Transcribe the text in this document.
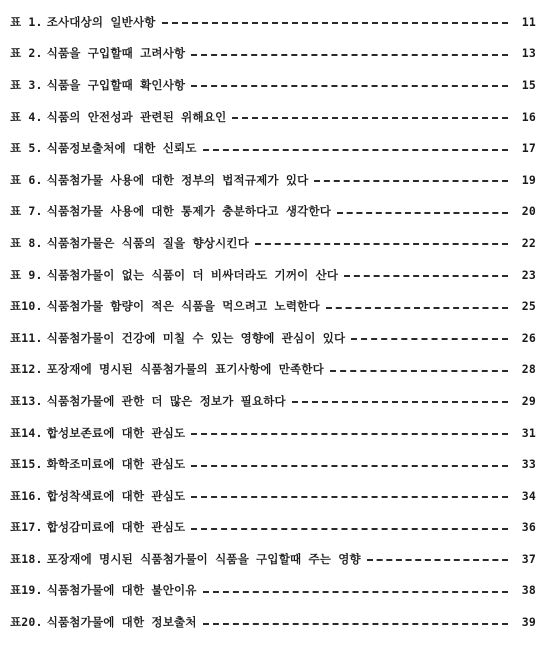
표 1. 조사대상의 일반사항	11
표 2. 식품을 구입할때 고려사항	13
표 3. 식품을 구입할때 확인사항	15
표 4. 식품의 안전성과 관련된 위해요인	16
표 5. 식품정보출처에 대한 신뢰도	17
표 6. 식품첨가물 사용에 대한 정부의 법적규제가 있다	19
표 7. 식품첨가물 사용에 대한 통제가 충분하다고 생각한다	20
표 8. 식품첨가물은 식품의 질을 향상시킨다	22
표 9. 식품첨가물이 없는 식품이 더 비싸더라도 기꺼이 산다	23
표10. 식품첨가물 함량이 적은 식품을 먹으려고 노력한다	25
표11. 식품첨가물이 건강에 미칠 수 있는 영향에 관심이 있다	26
표12. 포장재에 명시된 식품첨가물의 표기사항에 만족한다	28
표13. 식품첨가물에 관한 더 많은 정보가 필요하다	29
표14. 합성보존료에 대한 관심도	31
표15. 화학조미료에 대한 관심도	33
표16. 합성착색료에 대한 관심도	34
표17. 합성감미료에 대한 관심도	36
표18. 포장재에 명시된 식품첨가물이 식품을 구입할때 주는 영향	37
표19. 식품첨가물에 대한 불안이유	38
표20. 식품첨가물에 대한 정보출처	39
